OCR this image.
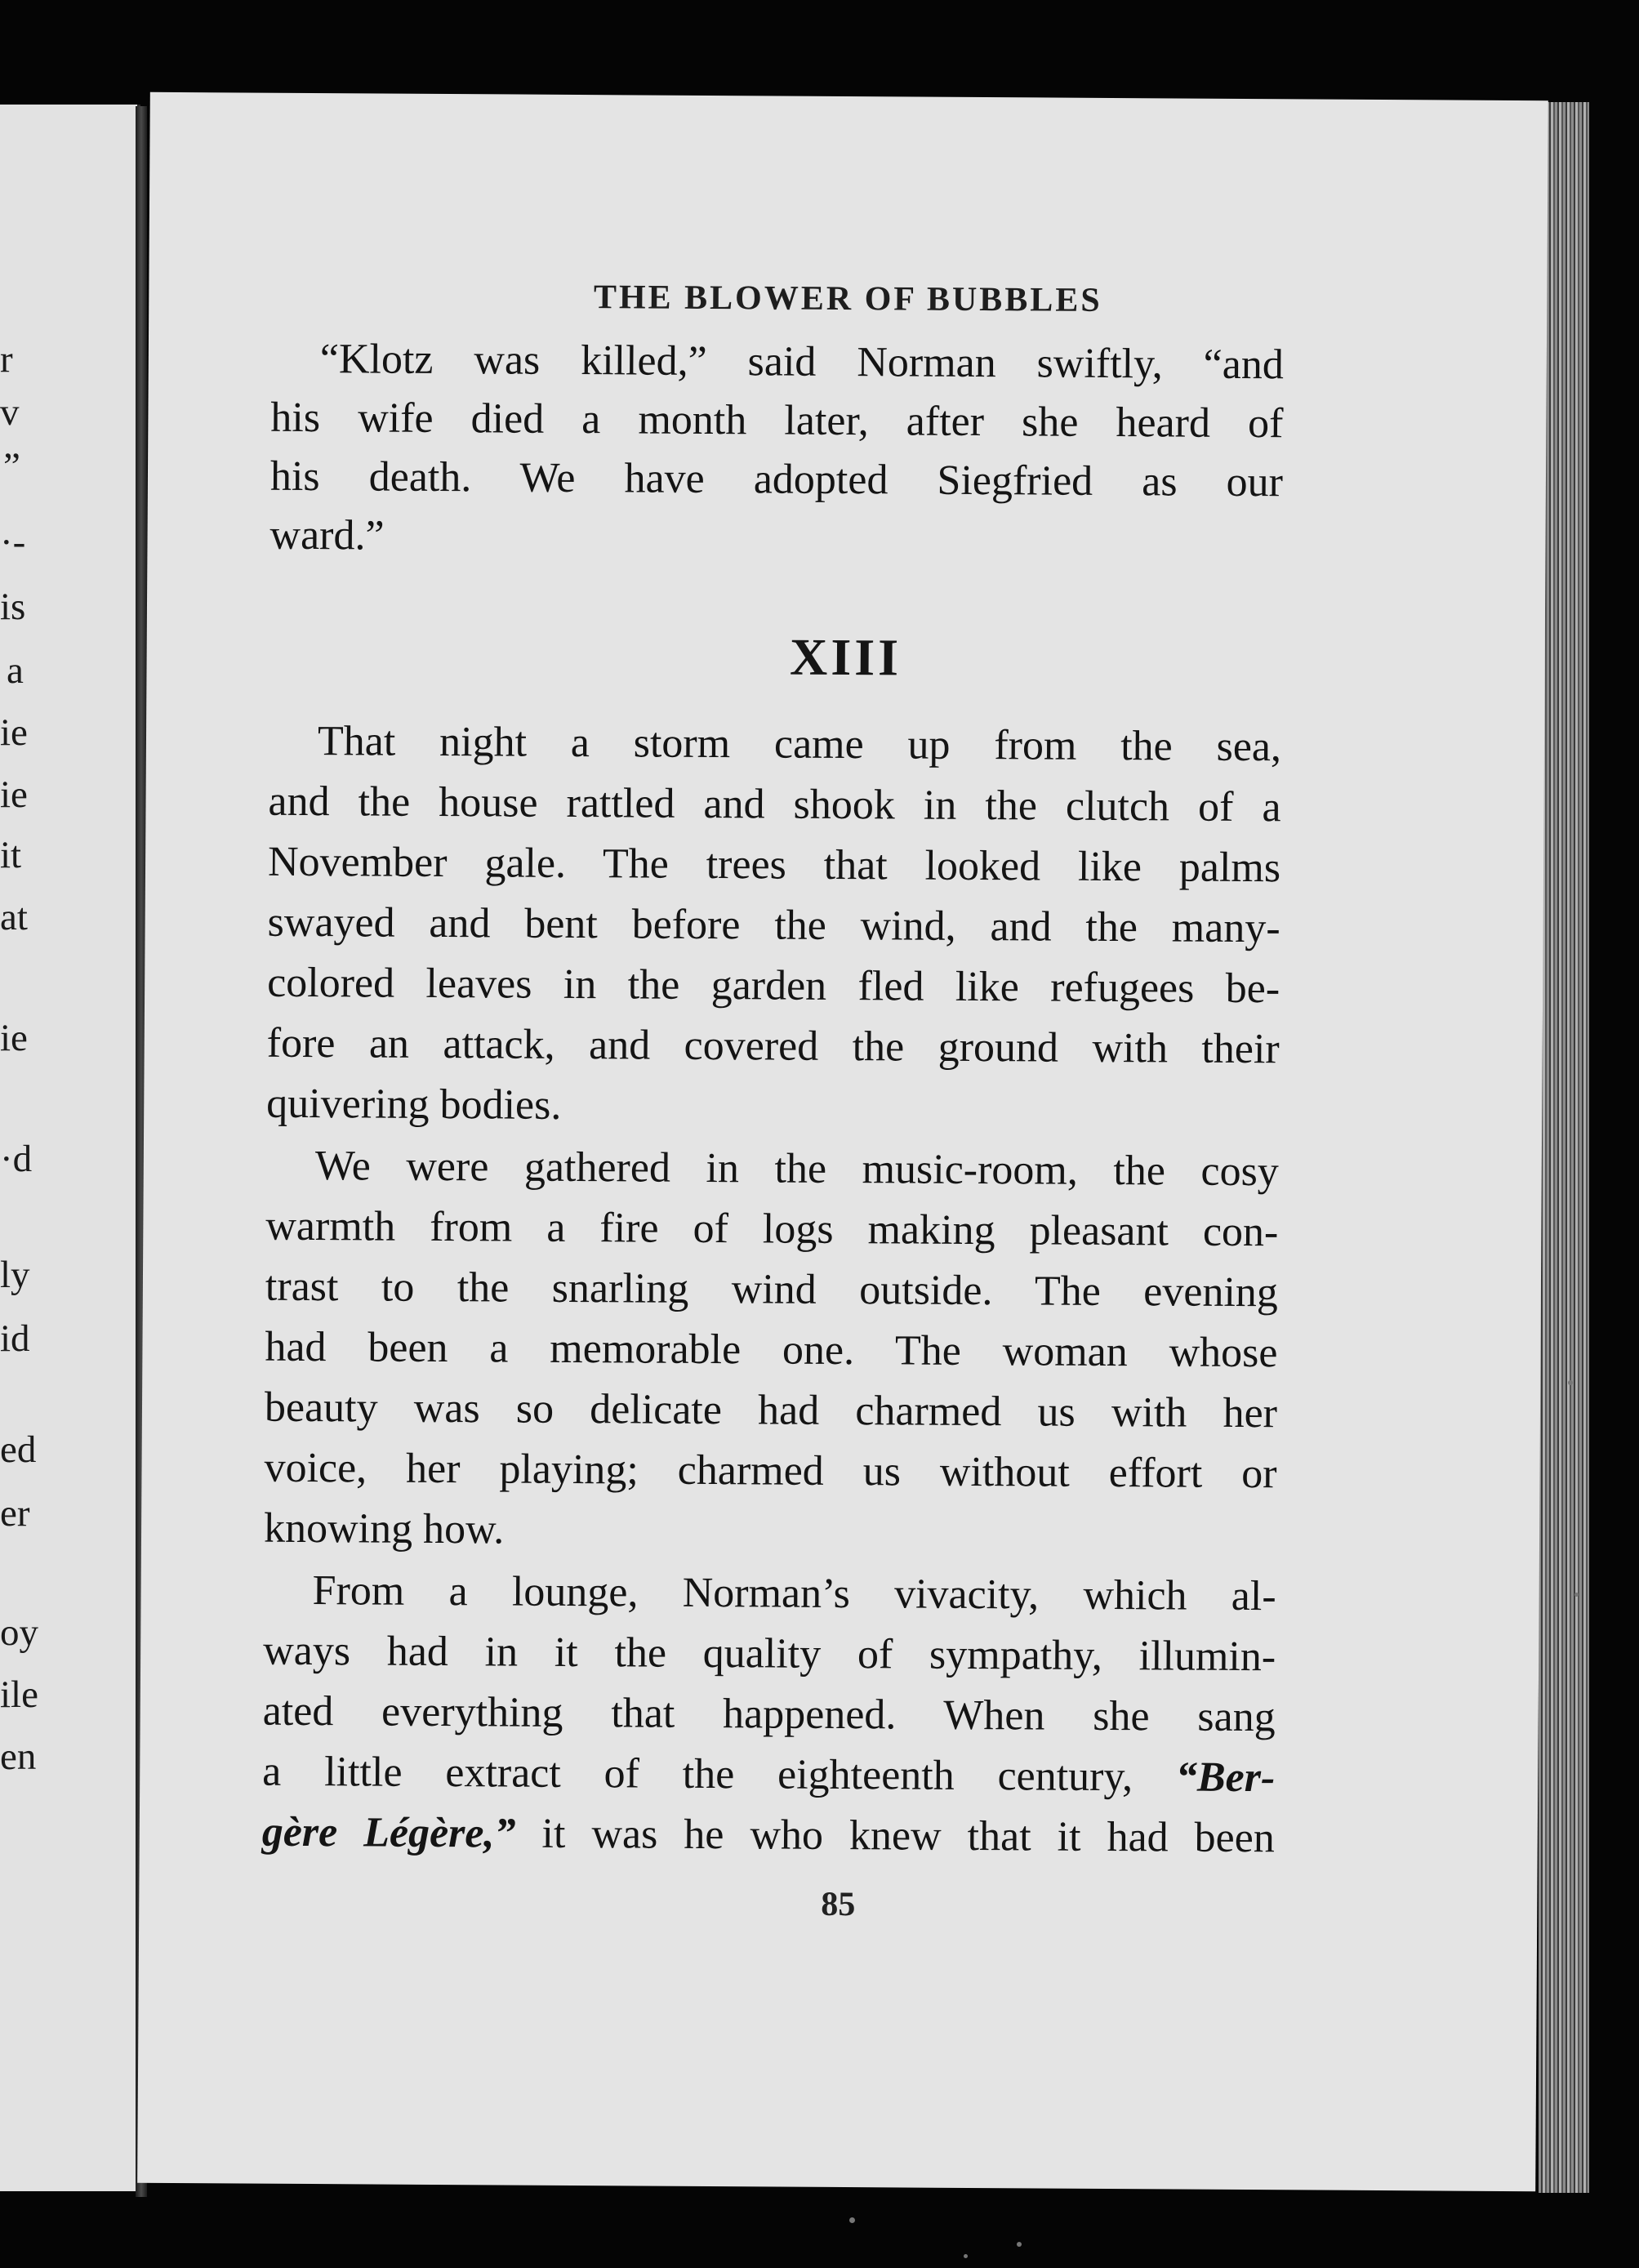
r
v
”
·-
is
a
ie
ie
it
at
ie
·d
ly
id
ed
er
oy
ile
en
THE BLOWER OF BUBBLES
“Klotz was killed,” said Norman swiftly, “and
his wife died a month later, after she heard of
his death. We have adopted Siegfried as our
ward.”
XIII
That night a storm came up from the sea,
and the house rattled and shook in the clutch of a
November gale. The trees that looked like palms
swayed and bent before the wind, and the many-
colored leaves in the garden fled like refugees be-
fore an attack, and covered the ground with their
quivering bodies.
We were gathered in the music-room, the cosy
warmth from a fire of logs making pleasant con-
trast to the snarling wind outside. The evening
had been a memorable one. The woman whose
beauty was so delicate had charmed us with her
voice, her playing; charmed us without effort or
knowing how.
From a lounge, Norman’s vivacity, which al-
ways had in it the quality of sympathy, illumin-
ated everything that happened. When she sang
a little extract of the eighteenth century, “Ber-
gère Légère,” it was he who knew that it had been
85
